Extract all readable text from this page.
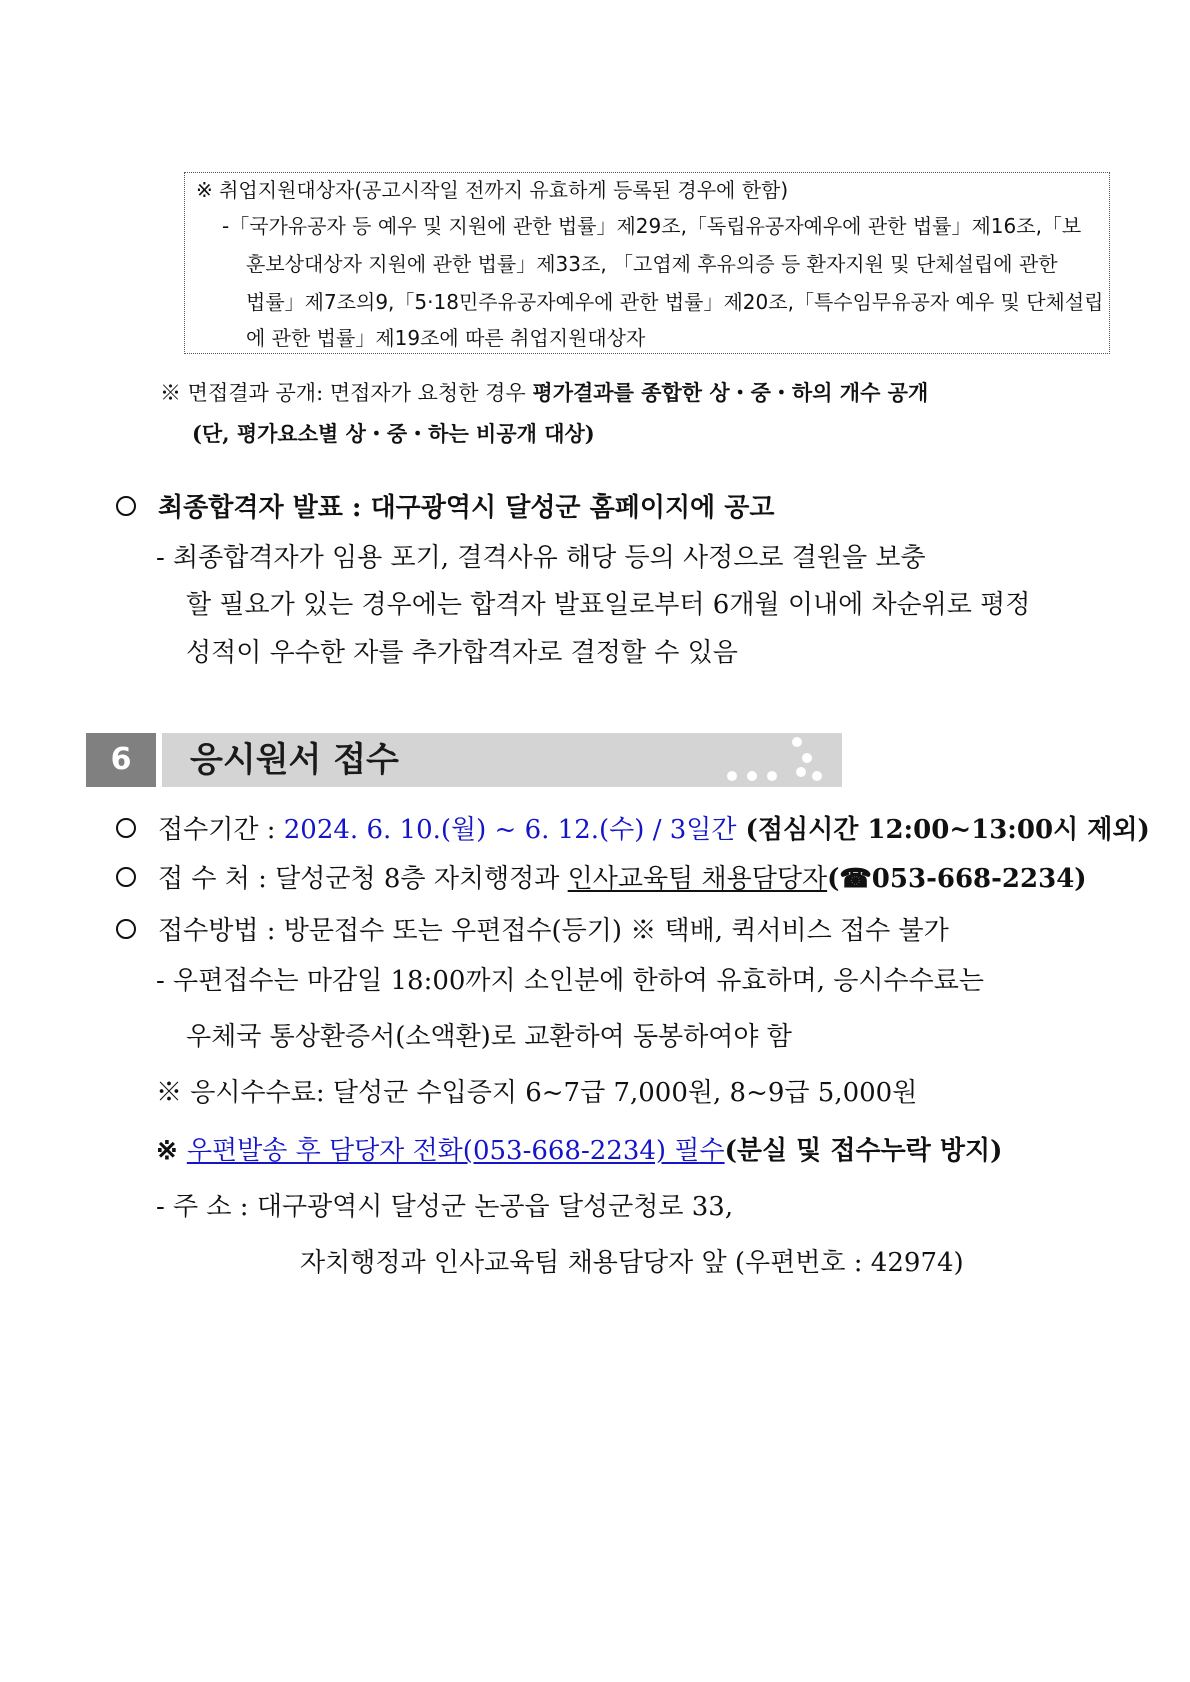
※ 취업지원대상자(공고시작일 전까지 유효하게 등록된 경우에 한함)
-「국가유공자 등 예우 및 지원에 관한 법률」제29조,「독립유공자예우에 관한 법률」제16조,「보
훈보상대상자 지원에 관한 법률」제33조, 「고엽제 후유의증 등 환자지원 및 단체설립에 관한
법률」제7조의9,「5·18민주유공자예우에 관한 법률」제20조,「특수임무유공자 예우 및 단체설립
에 관한 법률」제19조에 따른 취업지원대상자
※ 면접결과 공개: 면접자가 요청한 경우 평가결과를 종합한 상・중・하의 개수 공개
(단, 평가요소별 상・중・하는 비공개 대상)
최종합격자 발표 : 대구광역시 달성군 홈페이지에 공고
- 최종합격자가 임용 포기, 결격사유 해당 등의 사정으로 결원을 보충
할 필요가 있는 경우에는 합격자 발표일로부터 6개월 이내에 차순위로 평정
성적이 우수한 자를 추가합격자로 결정할 수 있음
6	응시원서 접수
접수기간 : 2024. 6. 10.(월) ~ 6. 12.(수) / 3일간 (점심시간 12:00~13:00시 제외)
접 수 처 : 달성군청 8층 자치행정과 인사교육팀 채용담당자(☎053-668-2234)
접수방법 : 방문접수 또는 우편접수(등기) ※ 택배, 퀵서비스 접수 불가
- 우편접수는 마감일 18:00까지 소인분에 한하여 유효하며, 응시수수료는
우체국 통상환증서(소액환)로 교환하여 동봉하여야 함
※ 응시수수료: 달성군 수입증지 6~7급 7,000원, 8~9급 5,000원
※ 우편발송 후 담당자 전화(053-668-2234) 필수(분실 및 접수누락 방지)
- 주 소 : 대구광역시 달성군 논공읍 달성군청로 33,
자치행정과 인사교육팀 채용담당자 앞 (우편번호 : 42974)
